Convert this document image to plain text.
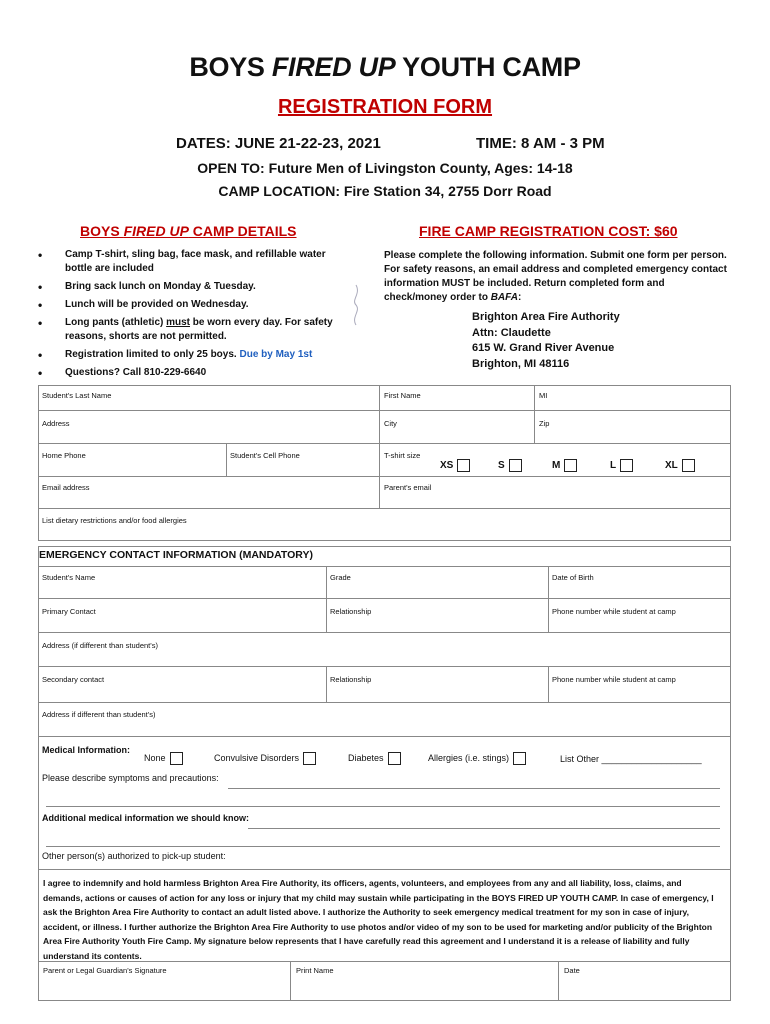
BOYS FIRED UP YOUTH CAMP
REGISTRATION FORM
DATES: JUNE 21-22-23, 2021	TIME: 8 AM - 3 PM
OPEN TO: Future Men of Livingston County, Ages: 14-18
CAMP LOCATION: Fire Station 34, 2755 Dorr Road
BOYS FIRED UP CAMP DETAILS
• Camp T-shirt, sling bag, face mask, and refillable water bottle are included
• Bring sack lunch on Monday & Tuesday.
• Lunch will be provided on Wednesday.
• Long pants (athletic) must be worn every day. For safety reasons, shorts are not permitted.
• Registration limited to only 25 boys. Due by May 1st
• Questions? Call 810-229-6640
FIRE CAMP REGISTRATION COST: $60
Please complete the following information. Submit one form per person. For safety reasons, an email address and completed emergency contact information MUST be included. Return completed form and check/money order to BAFA:
Brighton Area Fire Authority
Attn: Claudette
615 W. Grand River Avenue
Brighton, MI 48116
Student's Last Name	First Name	MI
Address	City	Zip
Home Phone	Student's Cell Phone	T-shirt size
XS	S	M	L	XL
Email address	Parent's email
List dietary restrictions and/or food allergies
EMERGENCY CONTACT INFORMATION (MANDATORY)
Student's Name	Grade	Date of Birth
Primary Contact	Relationship	Phone number while student at camp
Address (if different than student's)
Secondary contact	Relationship	Phone number while student at camp
Address if different than student's)
Medical Information:
None	Convulsive Disorders	Diabetes	Allergies (i.e. stings)	List Other ____________________
Please describe symptoms and precautions:
Additional medical information we should know:
Other person(s) authorized to pick-up student:
I agree to indemnify and hold harmless Brighton Area Fire Authority, its officers, agents, volunteers, and employees from any and all liability, loss, claims, and demands, actions or causes of action for any loss or injury that my child may sustain while participating in the BOYS FIRED UP YOUTH CAMP. In case of emergency, I ask the Brighton Area Fire Authority to contact an adult listed above. I authorize the Authority to seek emergency medical treatment for my son in case of injury, accident, or illness. I further authorize the Brighton Area Fire Authority to use photos and/or video of my son to be used for marketing and/or publicity of the Brighton Area Fire Authority Youth Fire Camp. My signature below represents that I have carefully read this agreement and I understand it is a release of liability and fully understand its contents.
Parent or Legal Guardian's Signature	Print Name	Date
